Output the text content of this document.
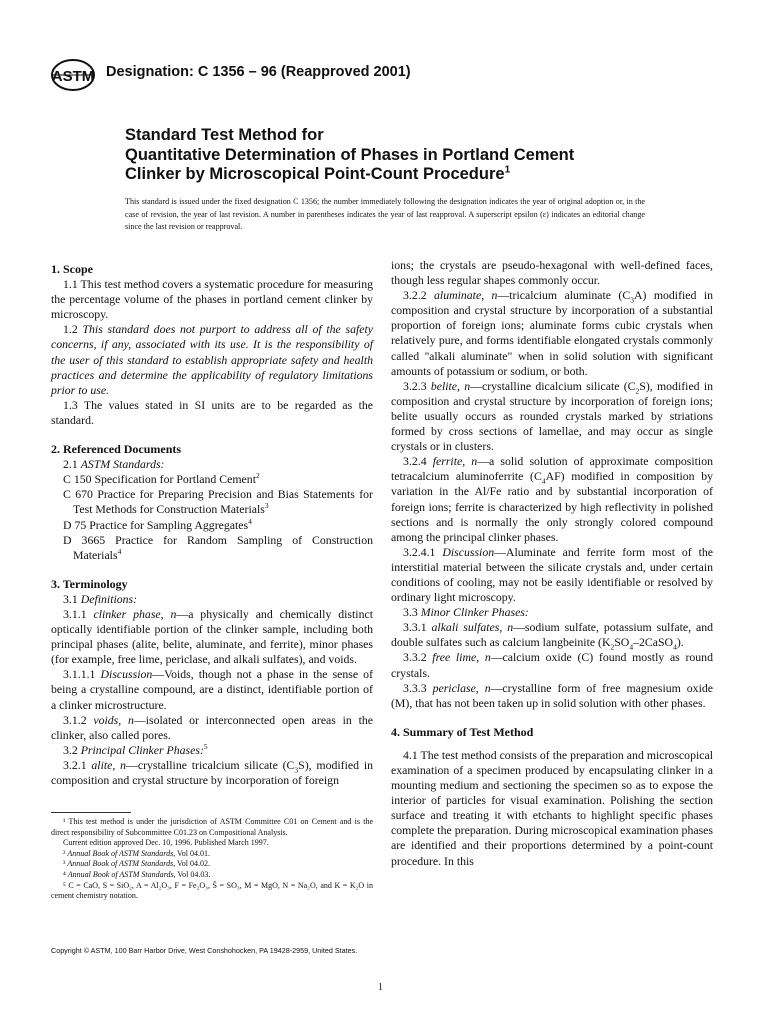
ASTM Designation: C 1356 – 96 (Reapproved 2001)
Standard Test Method for
Quantitative Determination of Phases in Portland Cement
Clinker by Microscopical Point-Count Procedure$^1$
This standard is issued under the fixed designation C 1356; the number immediately following the designation indicates the year of original adoption or, in the case of revision, the year of last revision. A number in parentheses indicates the year of last reapproval. A superscript epsilon (ε) indicates an editorial change since the last revision or reapproval.
1. Scope

1.1 This test method covers a systematic procedure for measuring the percentage volume of the phases in portland cement clinker by microscopy.

1.2 This standard does not purport to address all of the safety concerns, if any, associated with its use. It is the responsibility of the user of this standard to establish appropriate safety and health practices and determine the applicability of regulatory limitations prior to use.

1.3 The values stated in SI units are to be regarded as the standard.

2. Referenced Documents

2.1 ASTM Standards:

C 150 Specification for Portland Cement$^2$

C 670 Practice for Preparing Precision and Bias Statements for Test Methods for Construction Materials$^3$

D 75 Practice for Sampling Aggregates$^4$

D 3665 Practice for Random Sampling of Construction Materials$^4$

3. Terminology

3.1 Definitions:

3.1.1 clinker phase, n—a physically and chemically distinct optically identifiable portion of the clinker sample, including both principal phases (alite, belite, aluminate, and ferrite), minor phases (for example, free lime, periclase, and alkali sulfates), and voids.

3.1.1.1 Discussion—Voids, though not a phase in the sense of being a crystalline compound, are a distinct, identifiable portion of a clinker microstructure.

3.1.2 voids, n—isolated or interconnected open areas in the clinker, also called pores.

3.2 Principal Clinker Phases:$^5$

3.2.1 alite, n—crystalline tricalcium silicate $(C_3S)$, modified in composition and crystal structure by incorporation of foreign

ions; the crystals are pseudo-hexagonal with well-defined faces, though less regular shapes commonly occur.

3.2.2 aluminate, n—tricalcium aluminate $(C_3A)$ modified in composition and crystal structure by incorporation of a substantial proportion of foreign ions; aluminate forms cubic crystals when relatively pure, and forms identifiable elongated crystals commonly called ''alkali aluminate" when in solid solution with significant amounts of potassium or sodium, or both.

3.2.3 belite, n—crystalline dicalcium silicate $(C_2S)$, modified in composition and crystal structure by incorporation of foreign ions; belite usually occurs as rounded crystals marked by striations formed by cross sections of lamellae, and may occur as single crystals or in clusters.

3.2.4 ferrite, n—a solid solution of approximate composition tetracalcium aluminoferrite $(C_4AF)$ modified in composition by variation in the Al/Fe ratio and by substantial incorporation of foreign ions; ferrite is characterized by high reflectivity in polished sections and is normally the only strongly colored compound among the principal clinker phases.

3.2.4.1 Discussion—Aluminate and ferrite form most of the interstitial material between the silicate crystals and, under certain conditions of cooling, may not be easily identifiable or resolved by ordinary light microscopy.

3.3 Minor Clinker Phases:

3.3.1 alkali sulfates, n—sodium sulfate, potassium sulfate, and double sulfates such as calcium langbeinite $(K_2SO_4-2CaSO_4)$.

3.3.2 free lime, n—calcium oxide (C) found mostly as round crystals.

3.3.3 periclase, n—crystalline form of free magnesium oxide (M), that has not been taken up in solid solution with other phases.

4. Summary of Test Method

4.1 The test method consists of the preparation and microscopical examination of a specimen produced by encapsulating clinker in a mounting medium and sectioning the specimen so as to expose the interior of particles for visual examination. Polishing the section surface and treating it with etchants to highlight specific phases complete the preparation. During microscopical examination phases are identified and their proportions determined by a point-count procedure. In this

¹ This test method is under the jurisdiction of ASTM Committee C01 on Cement and is the direct responsibility of Subcommittee C01.23 on Compositional Analysis.

Current edition approved Dec. 10, 1996. Published March 1997.

² Annual Book of ASTM Standards, Vol 04.01.

³ Annual Book of ASTM Standards, Vol 04.02.

⁴ Annual Book of ASTM Standards, Vol 04.03.

⁵ C = CaO, S = SiO₂, A = Al₂O₃, F = Fe₂O₃, S̄ = SO₃, M = MgO, N = Na₂O, and K = K₂O in cement chemistry notation.

Copyright © ASTM, 100 Barr Harbor Drive, West Conshohocken, PA 19428-2959, United States.
1
